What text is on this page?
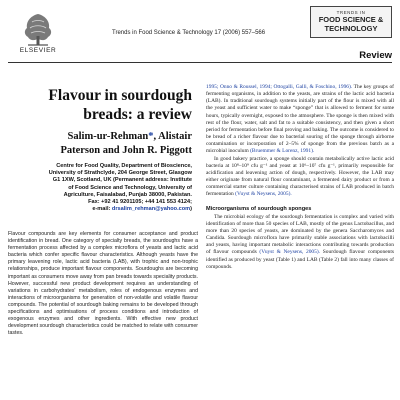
ELSEVIER
Trends in Food Science & Technology 17 (2006) 557–566
TRENDS IN
FOOD SCIENCE & TECHNOLOGY
Review
Flavour in sourdough breads: a review
Salim-ur-Rehman*, Alistair
Paterson and John R. Piggott

Centre for Food Quality, Department of Bioscience,

University of Strathclyde, 204 George Street, Glasgow

G1 1XW, Scotland, UK (Permanent address: Institute

of Food Science and Technology, University of

Agriculture, Faisalabad, Punjab 38000, Pakistan.

Fax: +92 41 9201105; +44 141 553 4124;

e-mail: drsalim_rehman@yahoo.com)

Flavour compounds are key elements for consumer acceptance and product identification in bread. One category of specialty breads, the sourdoughs have a fermentation process affected by a complex microflora of yeasts and lactic acid bacteria which confer specific flavour characteristics. Although yeasts have the primary leavening role, lactic acid bacteria (LAB), with trophic and non-trophic relationships, produce important flavour components. Sourdoughs are becoming important as consumers move away from pan breads towards speciality products. However, successful new product development requires an understanding of variations in carbohydrates' metabolism, roles of endogenous enzymes and interactions of microorganisms for generation of non-volatile and volatile flavour compounds. The potential of sourdough baking remains to be developed through specifications and optimisations of process conditions and introduction of exogenous enzymes and other ingredients. With effective new product development sourdough characteristics could be matched to relate with consumer tastes.

1995; Onno & Roussel, 1994; Ottogalli, Galli, & Foschino, 1996). The key groups of fermenting organisms, in addition to the yeasts, are strains of the lactic acid bacteria (LAB). In traditional sourdough systems initially part of the flour is mixed with all the yeast and sufficient water to make “sponge” that is allowed to ferment for some hours, typically overnight, exposed to the atmosphere. The sponge is then mixed with rest of the flour, water, salt and fat to a suitable consistency, and then given a short period for fermentation before final proving and baking. The outcome is considered to be bread of a richer flavour due to bacterial souring of the sponge through airborne contamination or incorporation of 2–5% of sponge from the previous batch as a microbial inoculum (Bruemmer & Lorenz, 1991).

In good bakery practice, a sponge should contain metabolically active lactic acid bacteria at 10⁸–10⁹ cfu g⁻¹ and yeast at 10⁶–10⁷ cfu g⁻¹, primarily responsible for acidification and leavening action of dough, respectively. However, the LAB may either originate from natural flour contaminant, a fermented dairy product or from a commercial starter culture containing characterised strains of LAB produced in batch fermentation (Vuyst & Neysens, 2005).

Microorganisms of sourdough sponges

The microbial ecology of the sourdough fermentation is complex and varied with identification of more than 50 species of LAB, mostly of the genus Lactobacillus, and more than 20 species of yeasts, are dominated by the genera Saccharomyces and Candida. Sourdough microflora have primarily stable associations with lactobacilli and yeasts, having important metabolic interactions contributing towards production of flavour compounds (Vuyst & Neysens, 2005). Sourdough flavour components identified as produced by yeast (Table 1) and LAB (Table 2) fall into many classes of compounds.
